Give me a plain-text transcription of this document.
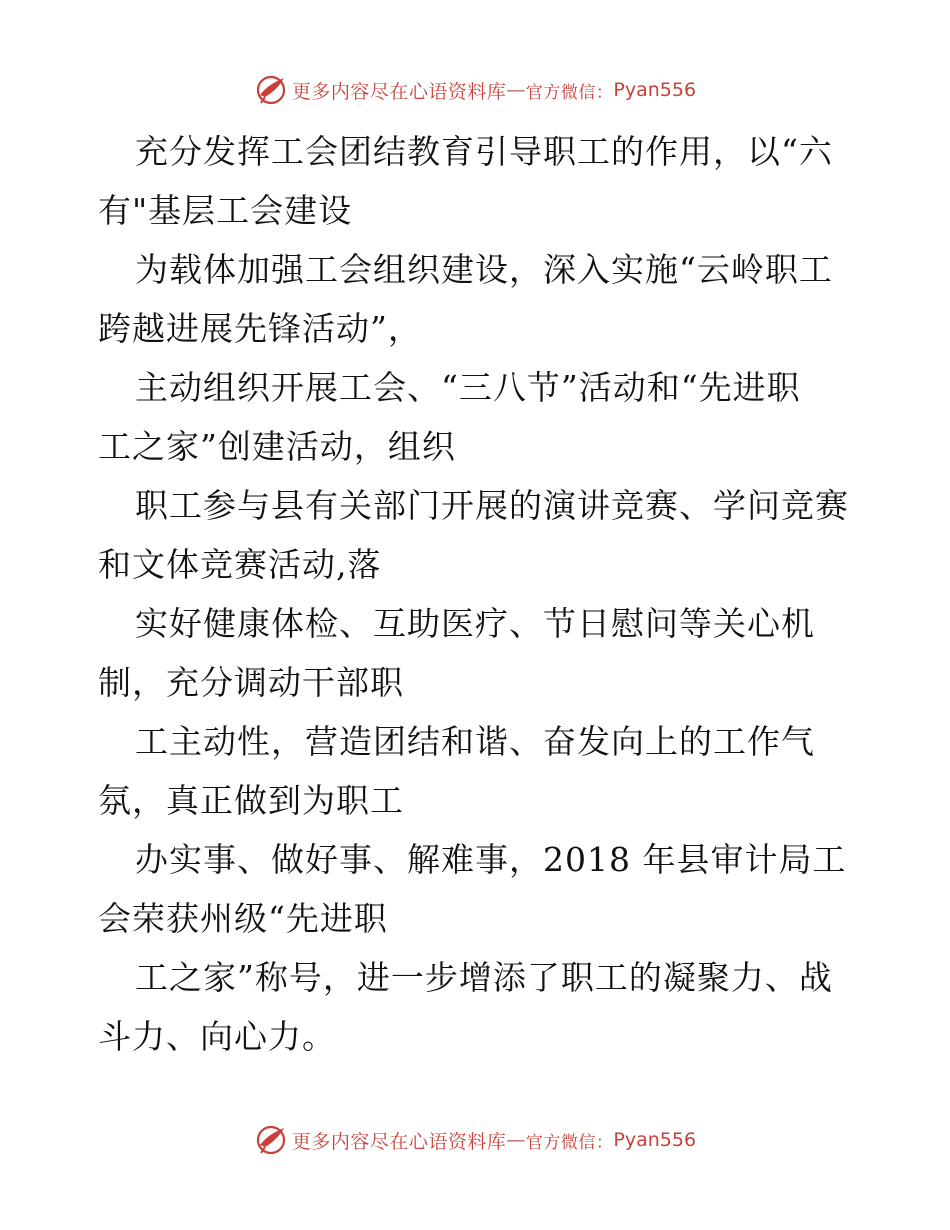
更多内容尽在心语资料库 — 官方微信： Pyan556
充分发挥工会团结教育引导职工的作用，以“六
有"基层工会建设
为载体加强工会组织建设，深入实施“云岭职工
跨越进展先锋活动”，
主动组织开展工会、“三八节”活动和“先进职
工之家”创建活动，组织
职工参与县有关部门开展的演讲竞赛、学问竞赛
和文体竞赛活动,落
实好健康体检、互助医疗、节日慰问等关心机
制，充分调动干部职
工主动性，营造团结和谐、奋发向上的工作气
氛，真正做到为职工
办实事、做好事、解难事，2018 年县审计局工
会荣获州级“先进职
工之家”称号，进一步增添了职工的凝聚力、战
斗力、向心力。
更多内容尽在心语资料库 — 官方微信： Pyan556
